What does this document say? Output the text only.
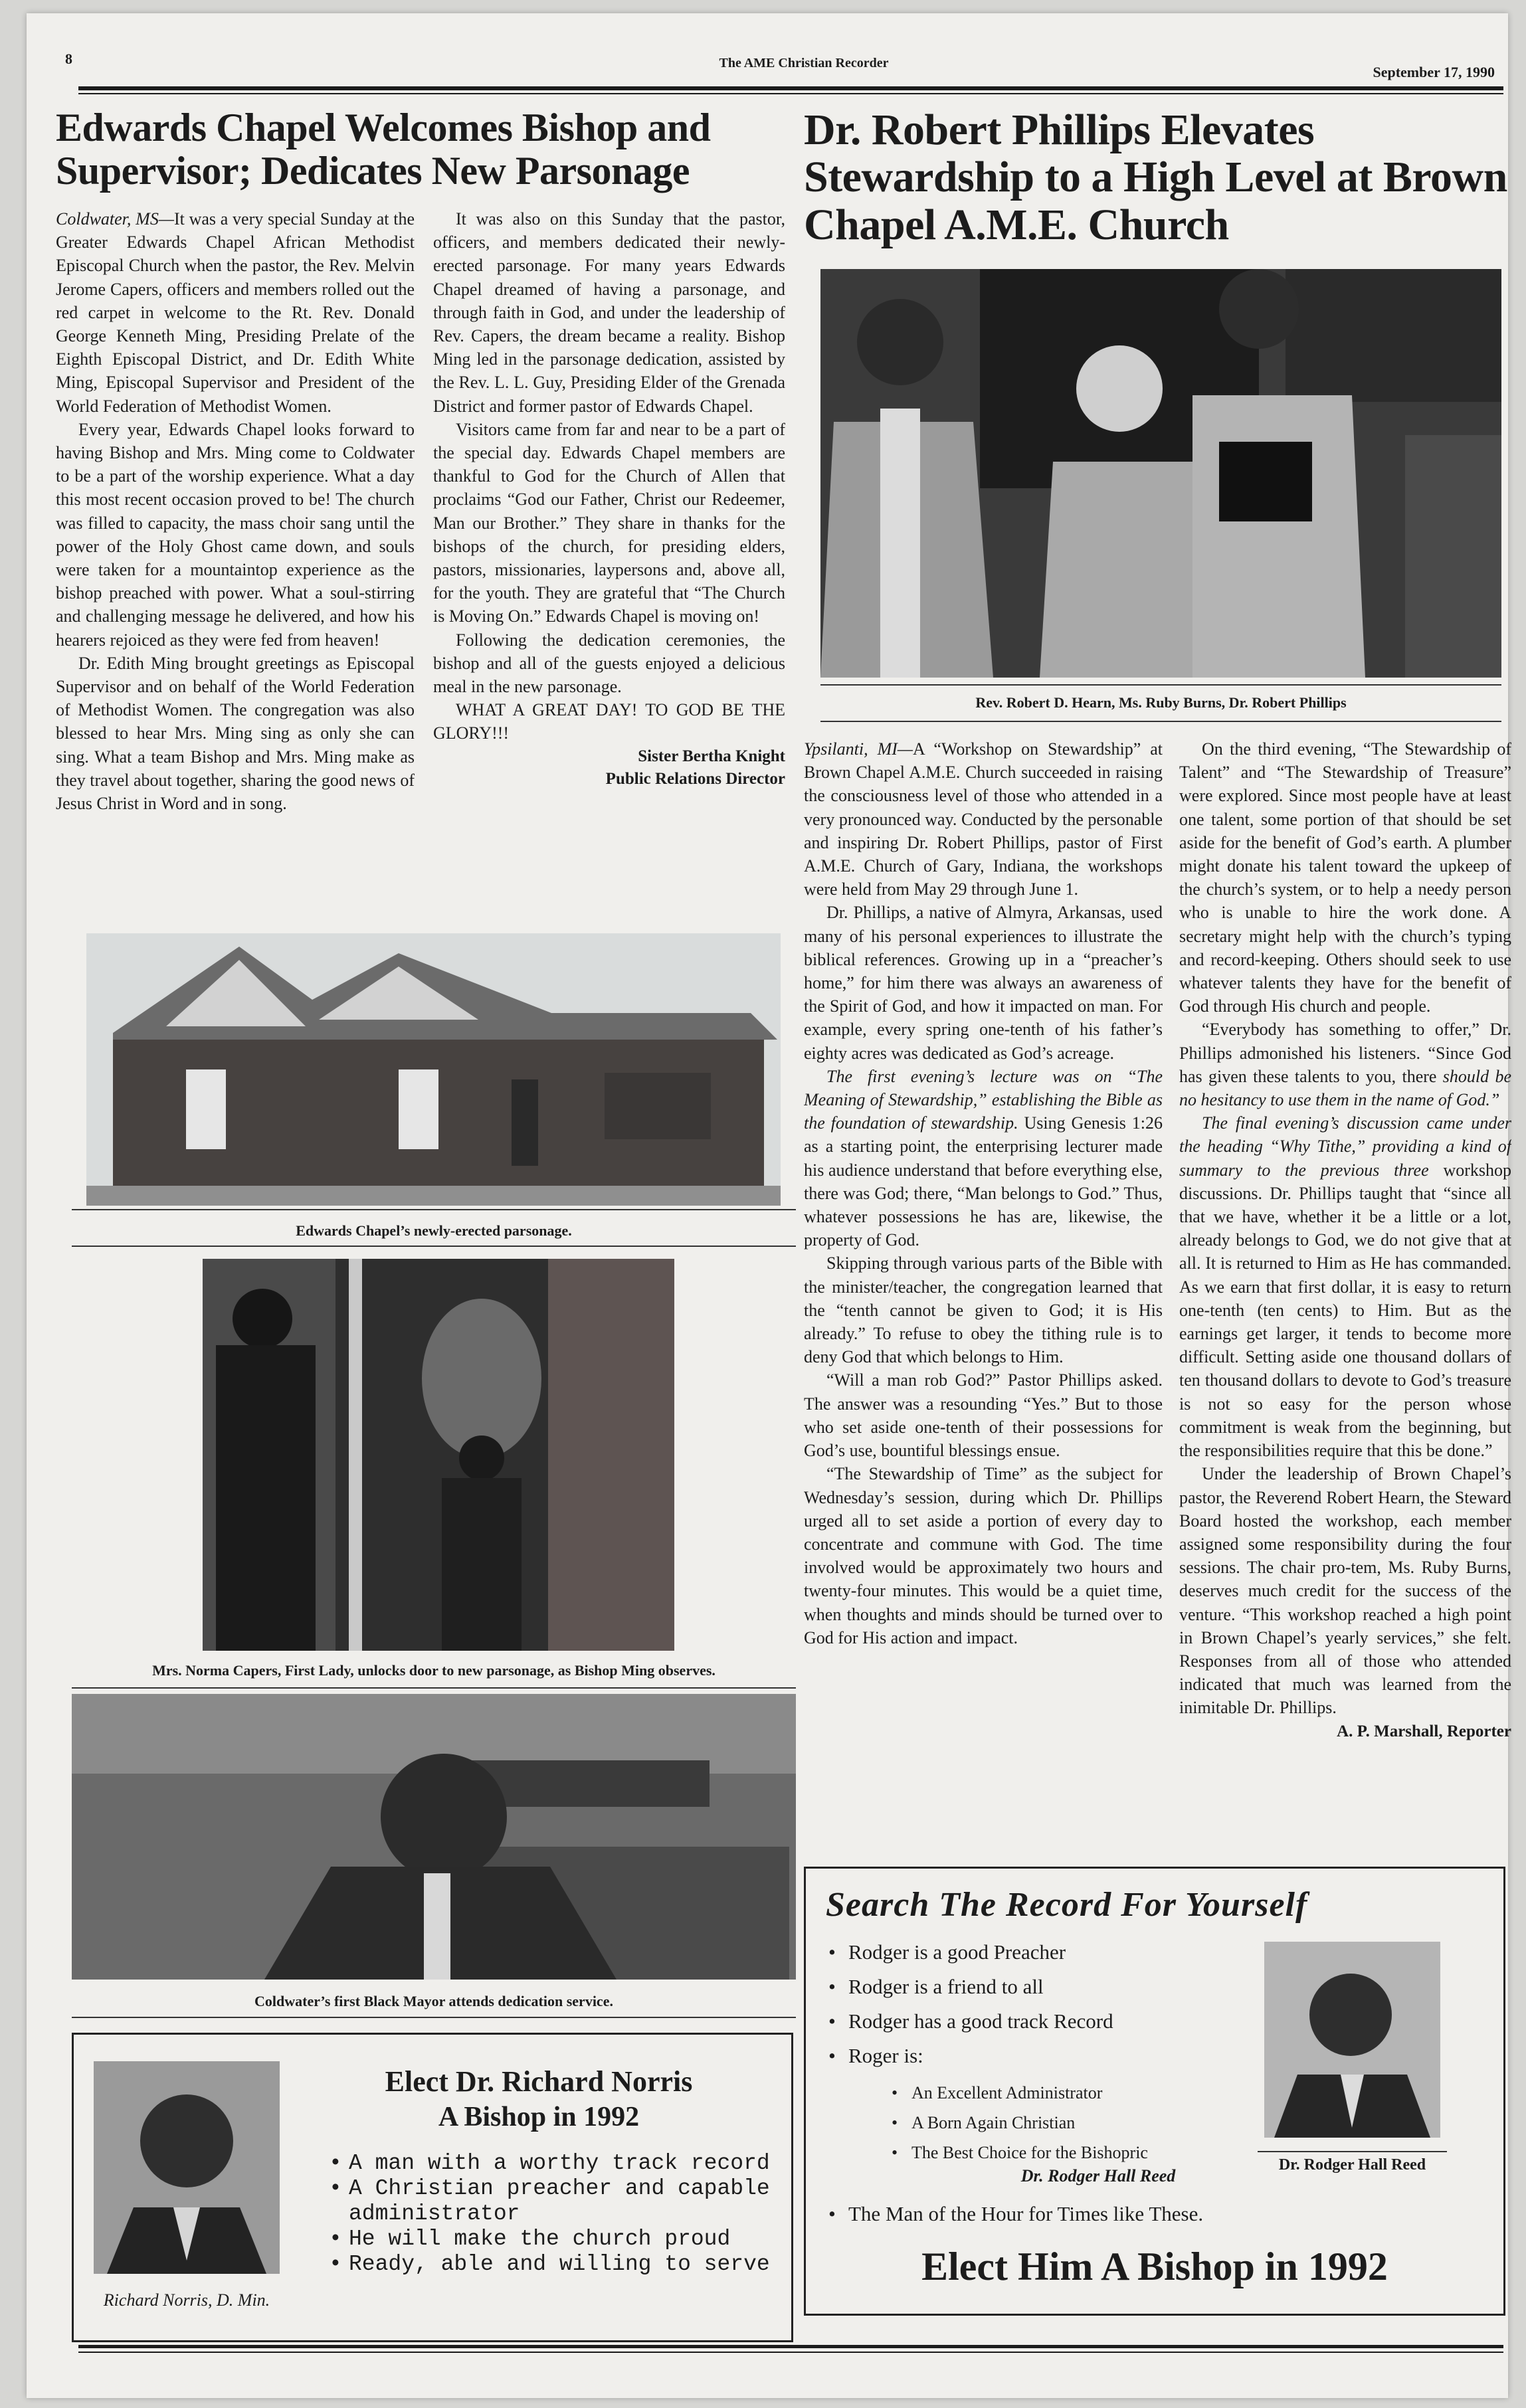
8	The AME Christian Recorder
September 17, 1990
Edwards Chapel Welcomes Bishop and Supervisor; Dedicates New Parsonage

Coldwater, MS—It was a very special Sunday at the Greater Edwards Chapel African Methodist Episcopal Church when the pastor, the Rev. Melvin Jerome Capers, officers and members rolled out the red carpet in welcome to the Rt. Rev. Donald George Kenneth Ming, Presiding Prelate of the Eighth Episcopal District, and Dr. Edith White Ming, Episcopal Supervisor and President of the World Federation of Methodist Women.

Every year, Edwards Chapel looks forward to having Bishop and Mrs. Ming come to Coldwater to be a part of the worship experience. What a day this most recent occasion proved to be! The church was filled to capacity, the mass choir sang until the power of the Holy Ghost came down, and souls were taken for a mountaintop experience as the bishop preached with power. What a soul-stirring and challenging message he delivered, and how his hearers rejoiced as they were fed from heaven!

Dr. Edith Ming brought greetings as Episcopal Supervisor and on behalf of the World Federation of Methodist Women. The congregation was also blessed to hear Mrs. Ming sing as only she can sing. What a team Bishop and Mrs. Ming make as they travel about together, sharing the good news of Jesus Christ in Word and in song.

It was also on this Sunday that the pastor, officers, and members dedicated their newly-erected parsonage. For many years Edwards Chapel dreamed of having a parsonage, and through faith in God, and under the leadership of Rev. Capers, the dream became a reality. Bishop Ming led in the parsonage dedication, assisted by the Rev. L. L. Guy, Presiding Elder of the Grenada District and former pastor of Edwards Chapel.

Visitors came from far and near to be a part of the special day. Edwards Chapel members are thankful to God for the Church of Allen that proclaims “God our Father, Christ our Redeemer, Man our Brother.” They share in thanks for the bishops of the church, for presiding elders, pastors, missionaries, laypersons and, above all, for the youth. They are grateful that “The Church is Moving On.” Edwards Chapel is moving on!

Following the dedication ceremonies, the bishop and all of the guests enjoyed a delicious meal in the new parsonage.

WHAT A GREAT DAY! TO GOD BE THE GLORY!!!

Sister Bertha Knight
Public Relations Director
Edwards Chapel’s newly-erected parsonage.
Mrs. Norma Capers, First Lady, unlocks door to new parsonage, as Bishop Ming observes.
Coldwater’s first Black Mayor attends dedication service.
Richard Norris, D. Min.
Elect Dr. Richard Norris
A Bishop in 1992
• A man with a worthy track record
• A Christian preacher and capable administrator
• He will make the church proud
• Ready, able and willing to serve
Dr. Robert Phillips Elevates Stewardship to a High Level at Brown Chapel A.M.E. Church
Rev. Robert D. Hearn, Ms. Ruby Burns, Dr. Robert Phillips

Ypsilanti, MI—A “Workshop on Stewardship” at Brown Chapel A.M.E. Church succeeded in raising the consciousness level of those who attended in a very pronounced way. Conducted by the personable and inspiring Dr. Robert Phillips, pastor of First A.M.E. Church of Gary, Indiana, the workshops were held from May 29 through June 1.

Dr. Phillips, a native of Almyra, Arkansas, used many of his personal experiences to illustrate the biblical references. Growing up in a “preacher’s home,” for him there was always an awareness of the Spirit of God, and how it impacted on man. For example, every spring one-tenth of his father’s eighty acres was dedicated as God’s acreage.

The first evening’s lecture was on “The Meaning of Stewardship,” establishing the Bible as the foundation of stewardship. Using Genesis 1:26 as a starting point, the enterprising lecturer made his audience understand that before everything else, there was God; there, “Man belongs to God.” Thus, whatever possessions he has are, likewise, the property of God.

Skipping through various parts of the Bible with the minister/teacher, the congregation learned that the “tenth cannot be given to God; it is His already.” To refuse to obey the tithing rule is to deny God that which belongs to Him.

“Will a man rob God?” Pastor Phillips asked. The answer was a resounding “Yes.” But to those who set aside one-tenth of their possessions for God’s use, bountiful blessings ensue.

“The Stewardship of Time” as the subject for Wednesday’s session, during which Dr. Phillips urged all to set aside a portion of every day to concentrate and commune with God. The time involved would be approximately two hours and twenty-four minutes. This would be a quiet time, when thoughts and minds should be turned over to God for His action and impact.

On the third evening, “The Stewardship of Talent” and “The Stewardship of Treasure” were explored. Since most people have at least one talent, some portion of that should be set aside for the benefit of God’s earth. A plumber might donate his talent toward the upkeep of the church’s system, or to help a needy person who is unable to hire the work done. A secretary might help with the church’s typing and record-keeping. Others should seek to use whatever talents they have for the benefit of God through His church and people.

“Everybody has something to offer,” Dr. Phillips admonished his listeners. “Since God has given these talents to you, there should be no hesitancy to use them in the name of God.”

The final evening’s discussion came under the heading “Why Tithe,” providing a kind of summary to the previous three workshop discussions. Dr. Phillips taught that “since all that we have, whether it be a little or a lot, already belongs to God, we do not give that at all. It is returned to Him as He has commanded. As we earn that first dollar, it is easy to return one-tenth (ten cents) to Him. But as the earnings get larger, it tends to become more difficult. Setting aside one thousand dollars of ten thousand dollars to devote to God’s treasure is not so easy for the person whose commitment is weak from the beginning, but the responsibilities require that this be done.”

Under the leadership of Brown Chapel’s pastor, the Reverend Robert Hearn, the Steward Board hosted the workshop, each member assigned some responsibility during the four sessions. The chair pro-tem, Ms. Ruby Burns, deserves much credit for the success of the venture. “This workshop reached a high point in Brown Chapel’s yearly services,” she felt. Responses from all of those who attended indicated that much was learned from the inimitable Dr. Phillips.
A. P. Marshall, Reporter

Search The Record For Yourself
• Rodger is a good Preacher
• Rodger is a friend to all
• Rodger has a good track Record
• Roger is:
• An Excellent Administrator
• A Born Again Christian
• The Best Choice for the Bishopric
Dr. Rodger Hall Reed
• The Man of the Hour for Times like These.
Dr. Rodger Hall Reed
Elect Him A Bishop in 1992
